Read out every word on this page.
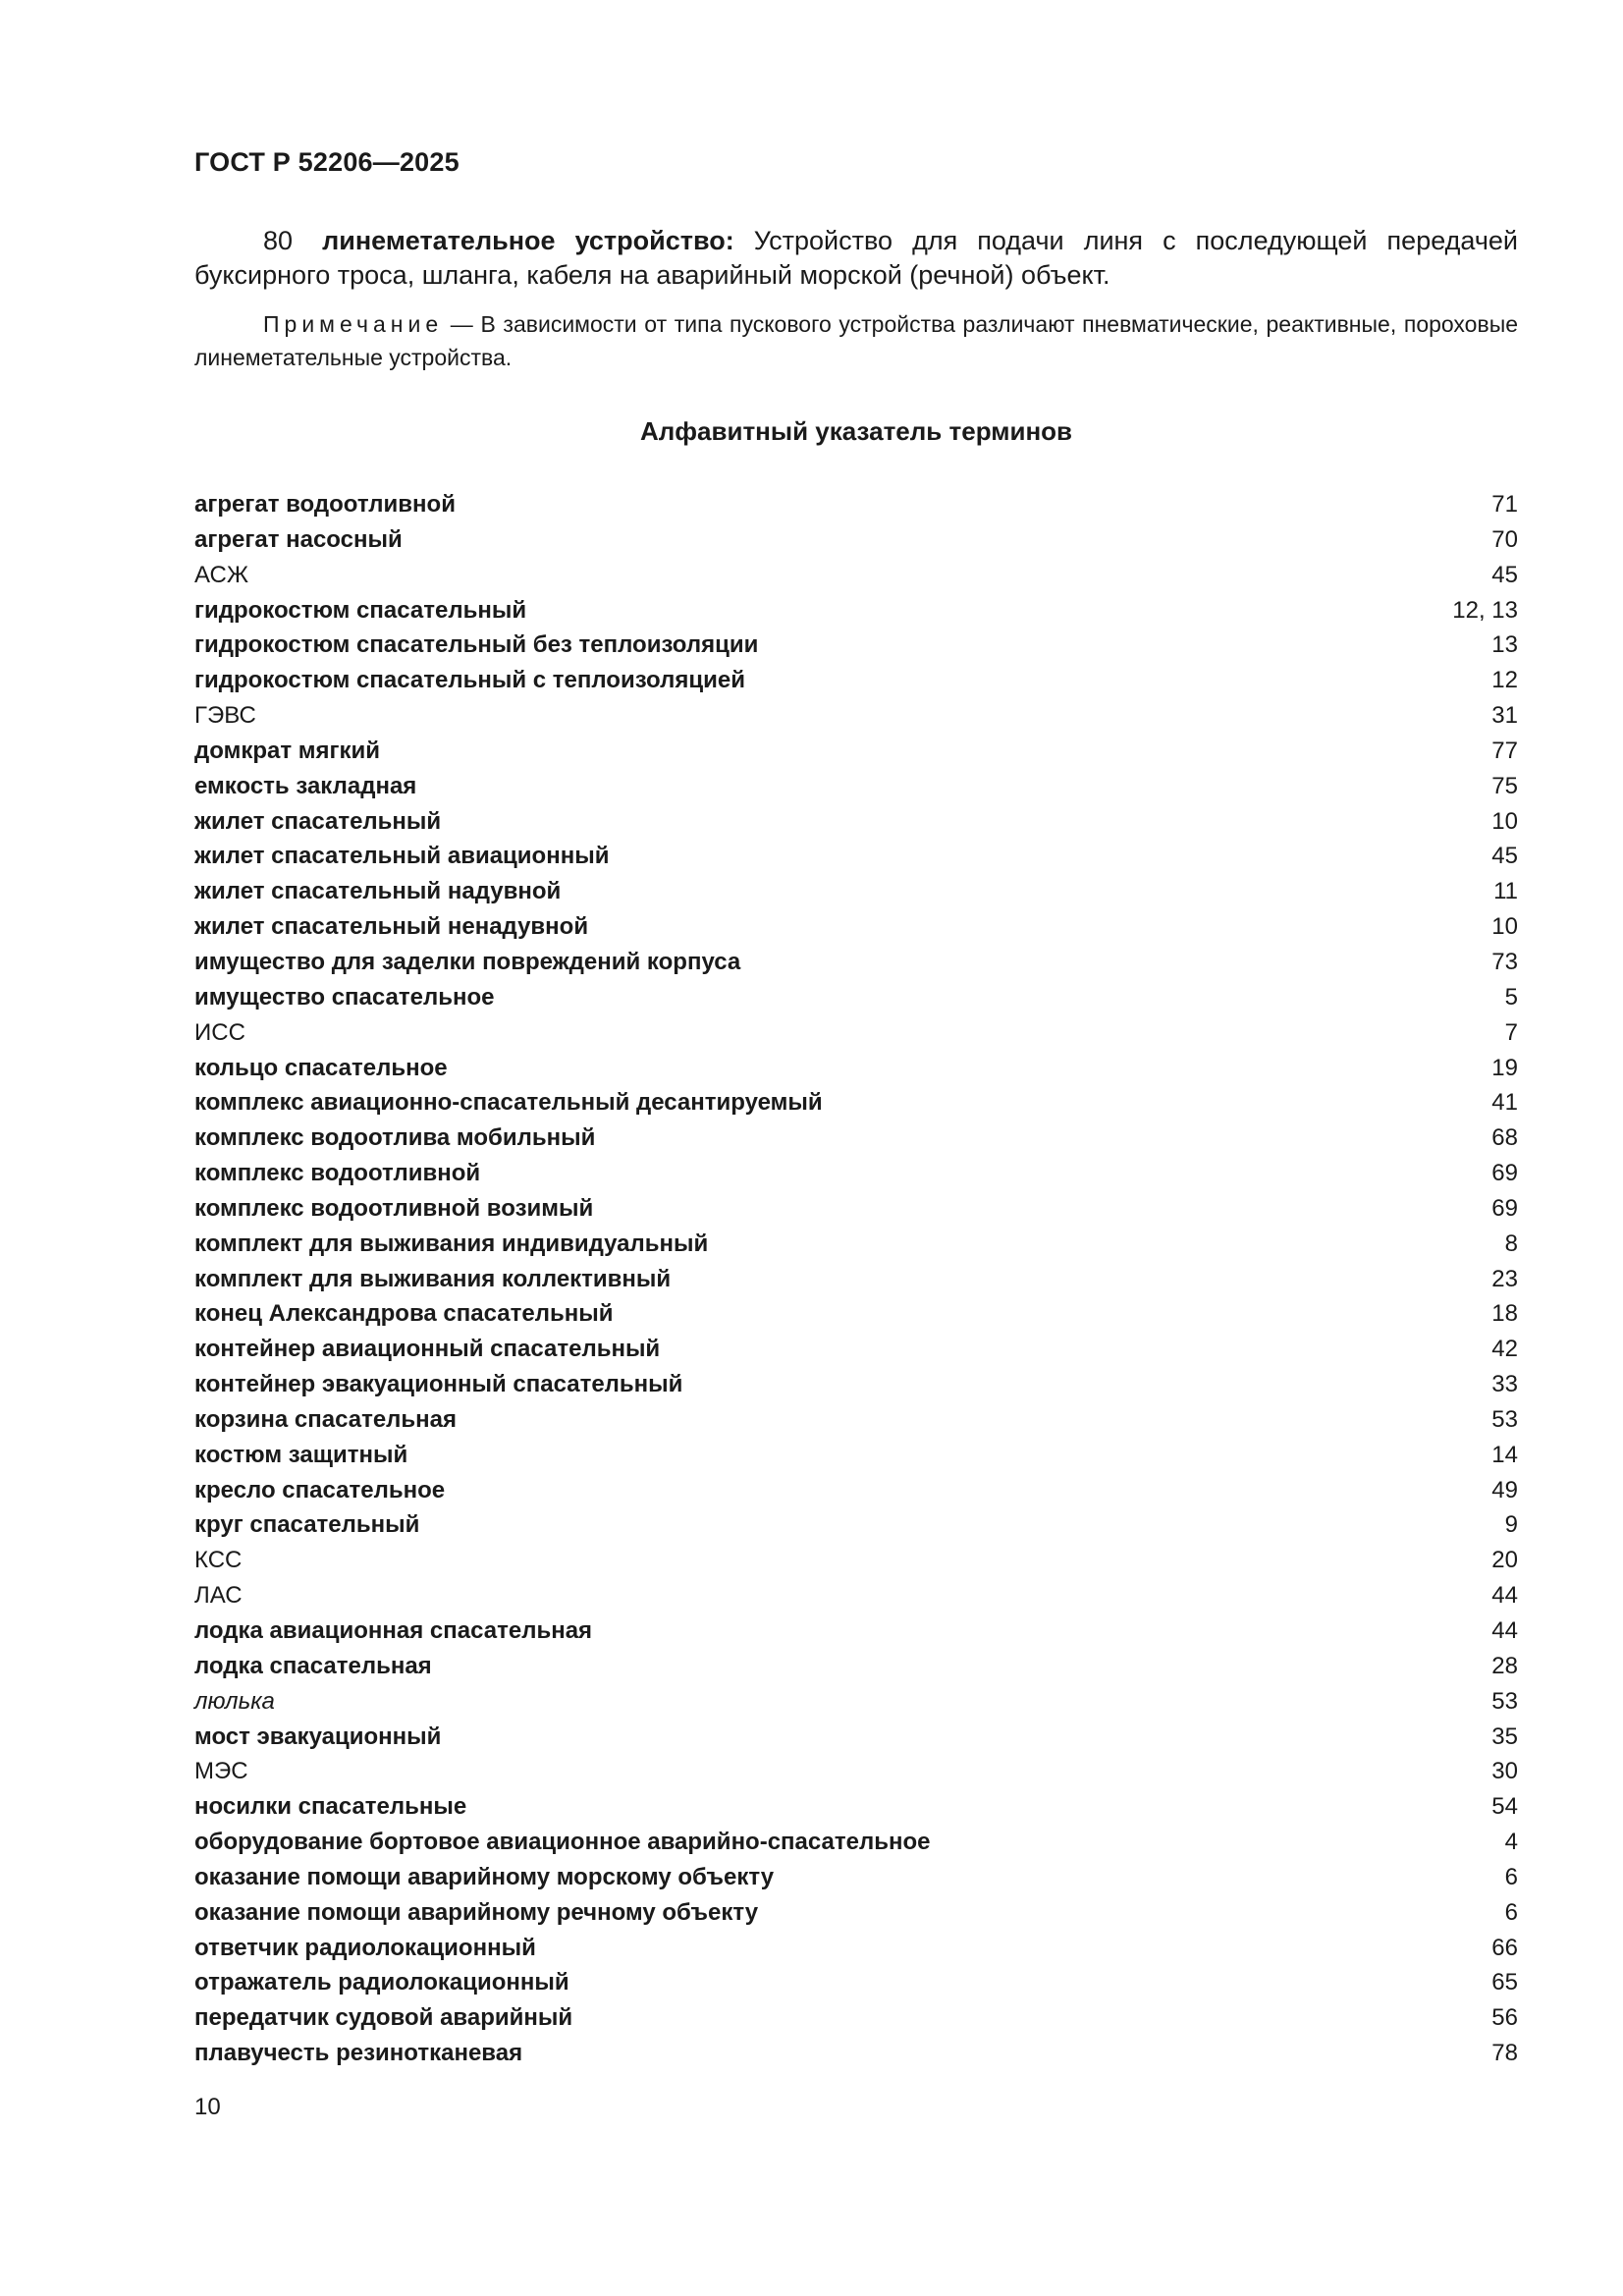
ГОСТ Р 52206—2025

80 линеметательное устройство: Устройство для подачи линя с последующей передачей буксирного троса, шланга, кабеля на аварийный морской (речной) объект.

Примечание — В зависимости от типа пускового устройства различают пневматические, реактивные, пороховые линеметательные устройства.

Алфавитный указатель терминов
агрегат водоотливной	71
агрегат насосный	70
АСЖ	45
гидрокостюм спасательный	12, 13
гидрокостюм спасательный без теплоизоляции	13
гидрокостюм спасательный с теплоизоляцией	12
ГЭВС	31
домкрат мягкий	77
емкость закладная	75
жилет спасательный	10
жилет спасательный авиационный	45
жилет спасательный надувной	11
жилет спасательный ненадувной	10
имущество для заделки повреждений корпуса	73
имущество спасательное	5
ИСС	7
кольцо спасательное	19
комплекс авиационно-спасательный десантируемый	41
комплекс водоотлива мобильный	68
комплекс водоотливной	69
комплекс водоотливной возимый	69
комплект для выживания индивидуальный	8
комплект для выживания коллективный	23
конец Александрова спасательный	18
контейнер авиационный спасательный	42
контейнер эвакуационный спасательный	33
корзина спасательная	53
костюм защитный	14
кресло спасательное	49
круг спасательный	9
КСС	20
ЛАС	44
лодка авиационная спасательная	44
лодка спасательная	28
люлька	53
мост эвакуационный	35
МЭС	30
носилки спасательные	54
оборудование бортовое авиационное аварийно-спасательное	4
оказание помощи аварийному морскому объекту	6
оказание помощи аварийному речному объекту	6
ответчик радиолокационный	66
отражатель радиолокационный	65
передатчик судовой аварийный	56
плавучесть резинотканевая	78
10
